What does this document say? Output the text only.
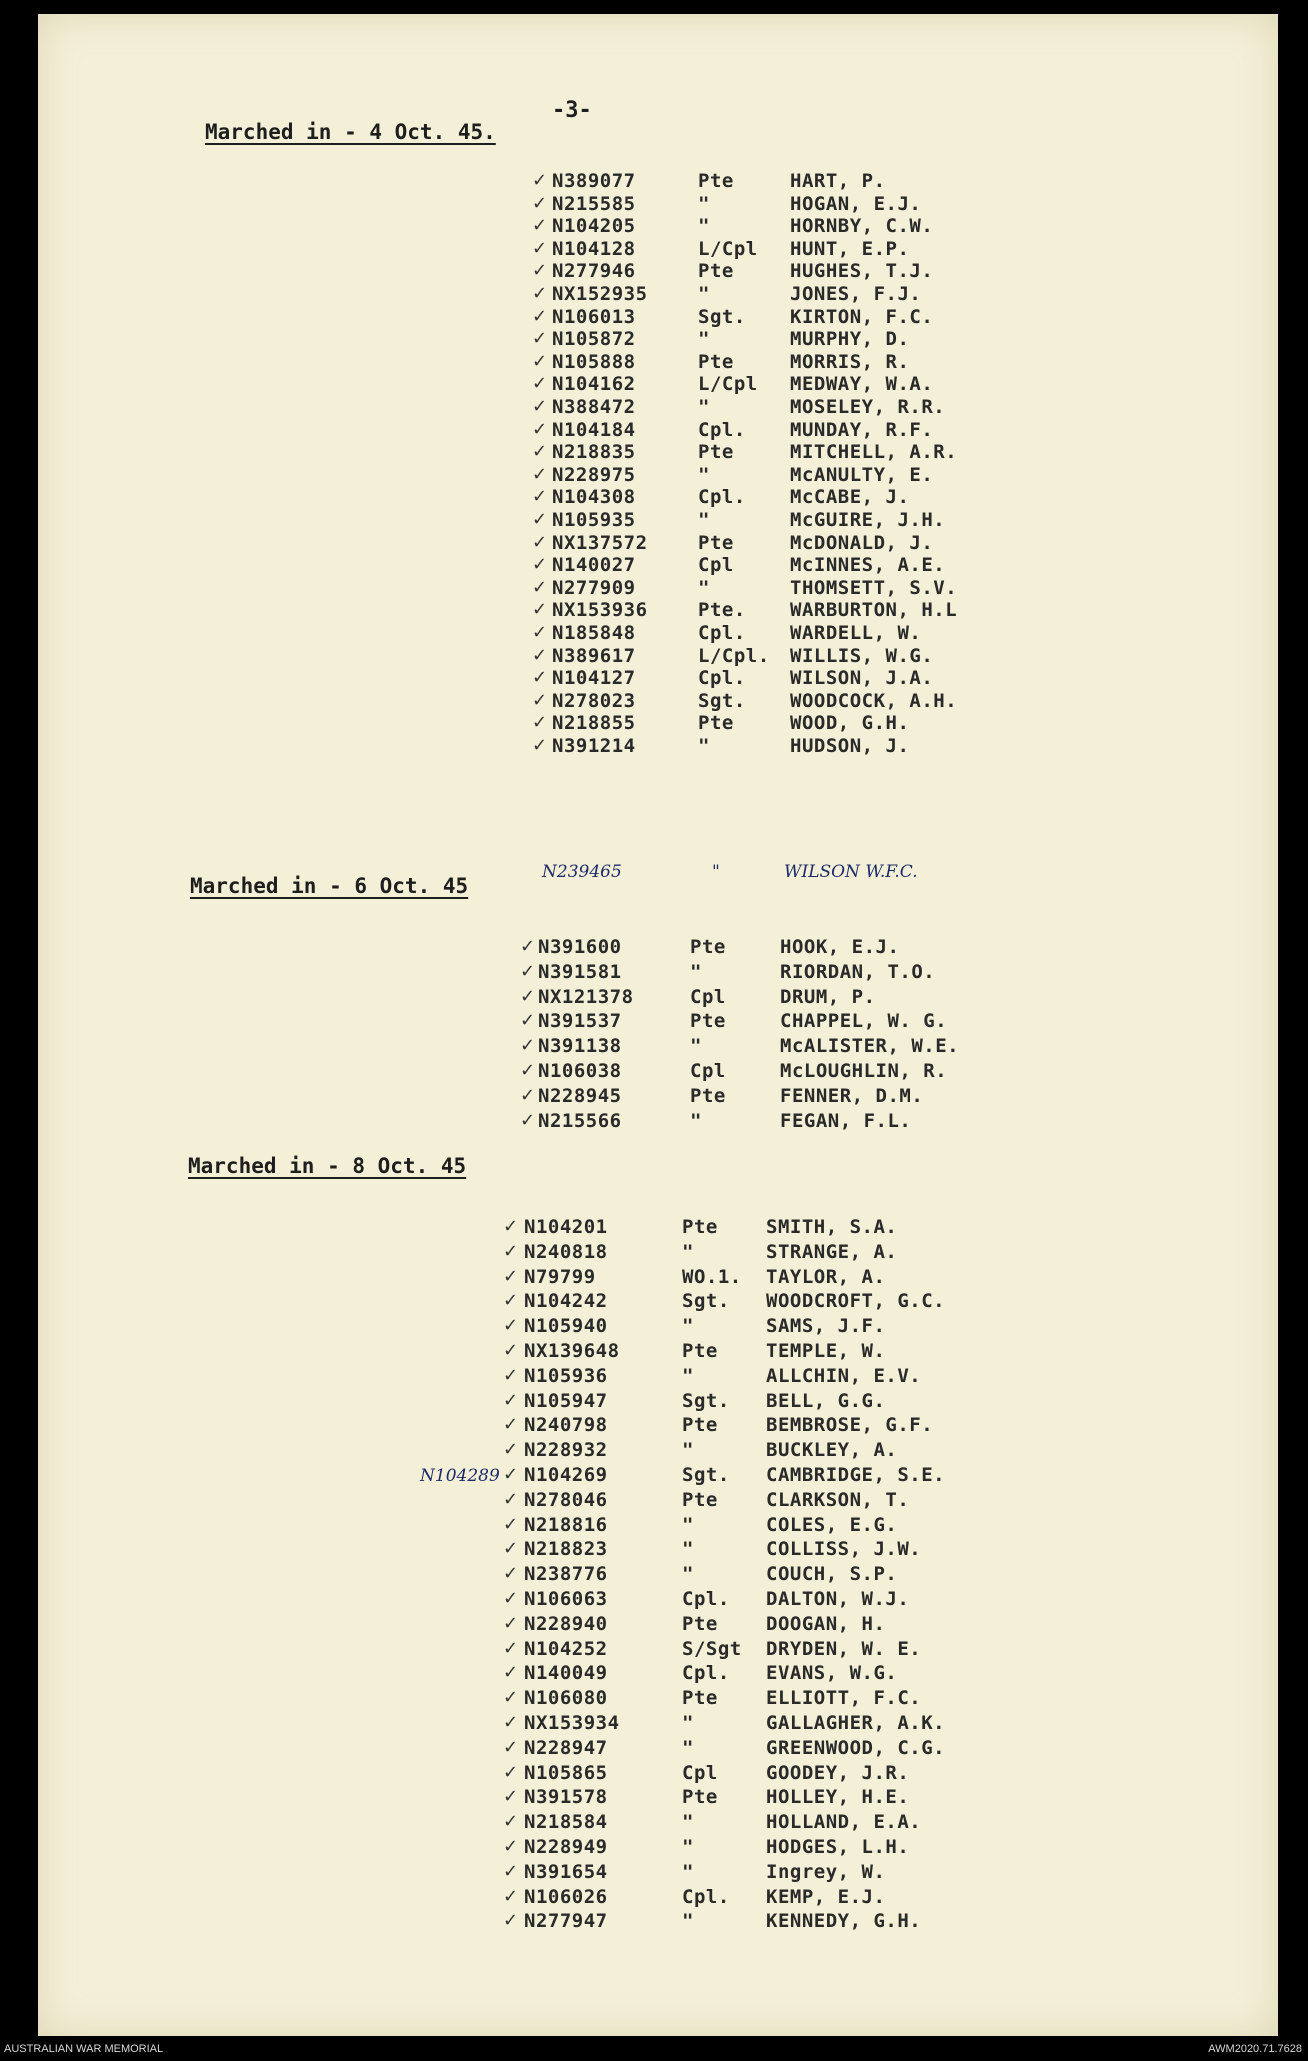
-3-
Marched in - 4 Oct. 45.
✓ N389077	Pte	HART, P.
✓ N215585	"	HOGAN, E.J.
✓ N104205	"	HORNBY, C.W.
✓ N104128	L/Cpl HUNT, E.P.
✓ N277946	Pte	HUGHES, T.J.
✓ NX152935	"	JONES, F.J.
✓ N106013	Sgt. KIRTON, F.C.
✓ N105872	"	MURPHY, D.
✓ N105888	Pte	MORRIS, R.
✓ N104162	L/Cpl MEDWAY, W.A.
✓ N388472	"	MOSELEY, R.R.
✓ N104184	Cpl. MUNDAY, R.F.
✓ N218835	Pte	MITCHELL, A.R.
✓ N228975	"	McANULTY, E.
✓ N104308	Cpl. McCABE, J.
✓ N105935	"	McGUIRE, J.H.
✓ NX137572	Pte	McDONALD, J.
✓ N140027	Cpl	McINNES, A.E.
✓ N277909	"	THOMSETT, S.V.
✓ NX153936	Pte. WARBURTON, H.L
✓ N185848	Cpl. WARDELL, W.
✓ N389617	L/Cpl. WILLIS, W.G.
✓ N104127	Cpl. WILSON, J.A.
✓ N278023	Sgt. WOODCOCK, A.H.
✓ N218855	Pte	WOOD, G.H.
✓ N391214	"	HUDSON, J.
N239465	"	WILSON W.F.C.
Marched in - 6 Oct. 45
✓ N391600	Pte	HOOK, E.J.
✓ N391581	"	RIORDAN, T.O.
✓ NX121378	Cpl	DRUM, P.
✓ N391537	Pte	CHAPPEL, W. G.
✓ N391138	"	McALISTER, W.E.
✓ N106038	Cpl	McLOUGHLIN, R.
✓ N228945	Pte	FENNER, D.M.
✓ N215566	"	FEGAN, F.L.
Marched in - 8 Oct. 45
✓ N104201	Pte	SMITH, S.A.
✓ N240818	"	STRANGE, A.
✓ N79799	WO.1. TAYLOR, A.
✓ N104242	Sgt. WOODCROFT, G.C.
✓ N105940	"	SAMS, J.F.
✓ NX139648	Pte	TEMPLE, W.
✓ N105936	"	ALLCHIN, E.V.
✓ N105947	Sgt. BELL, G.G.
✓ N240798	Pte	BEMBROSE, G.F.
✓ N228932	"	BUCKLEY, A.
✓ N104269	Sgt. CAMBRIDGE, S.E.
✓ N278046	Pte	CLARKSON, T.
✓ N218816	"	COLES, E.G.
✓ N218823	"	COLLISS, J.W.
✓ N238776	"	COUCH, S.P.
✓ N106063	Cpl. DALTON, W.J.
✓ N228940	Pte	DOOGAN, H.
✓ N104252	S/Sgt DRYDEN, W. E.
✓ N140049	Cpl. EVANS, W.G.
✓ N106080	Pte	ELLIOTT, F.C.
✓ NX153934	"	GALLAGHER, A.K.
✓ N228947	"	GREENWOOD, C.G.
✓ N105865	Cpl	GOODEY, J.R.
✓ N391578	Pte	HOLLEY, H.E.
✓ N218584	"	HOLLAND, E.A.
✓ N228949	"	HODGES, L.H.
✓ N391654	"	Ingrey, W.
✓ N106026	Cpl. KEMP, E.J.
✓ N277947	"	KENNEDY, G.H.
N104289
AUSTRALIAN WAR MEMORIAL	AWM2020.71.7628
